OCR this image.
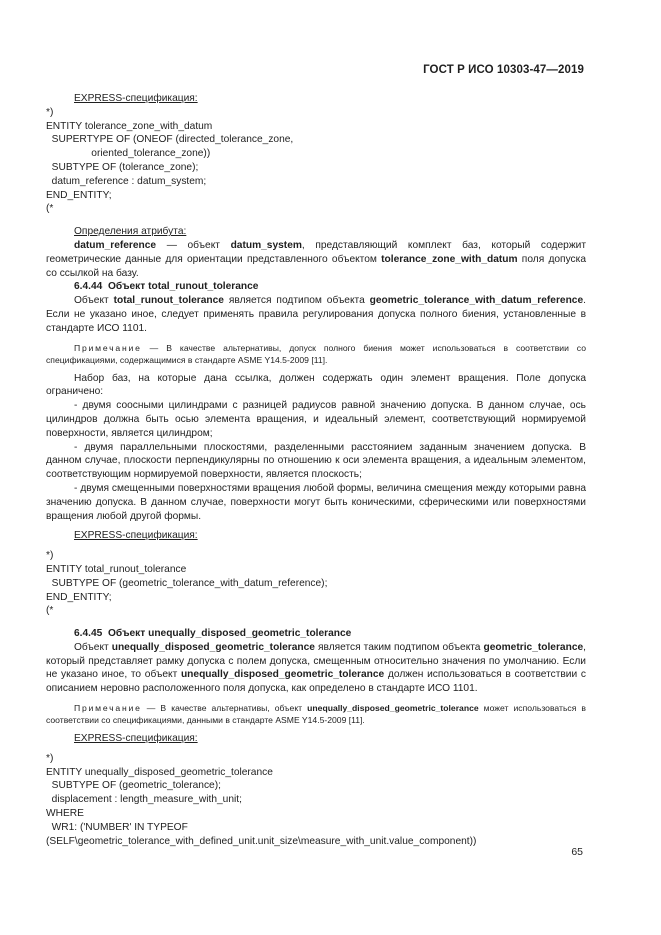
ГОСТ Р ИСО 10303-47—2019
EXPRESS-спецификация:
*)
ENTITY tolerance_zone_with_datum
SUPERTYPE OF (ONEOF (directed_tolerance_zone,
oriented_tolerance_zone))
SUBTYPE OF (tolerance_zone);
datum_reference : datum_system;
END_ENTITY;
(*
Определения атрибута:
datum_reference — объект datum_system, представляющий комплект баз, который содержит геометрические данные для ориентации представленного объектом tolerance_zone_with_datum поля допуска со ссылкой на базу.
6.4.44 Объект total_runout_tolerance
Объект total_runout_tolerance является подтипом объекта geometric_tolerance_with_datum_reference. Если не указано иное, следует применять правила регулирования допуска полного биения, установленные в стандарте ИСО 1101.
Примечание — В качестве альтернативы, допуск полного биения может использоваться в соответствии со спецификациями, содержащимися в стандарте ASME Y14.5-2009 [11].
Набор баз, на которые дана ссылка, должен содержать один элемент вращения. Поле допуска ограничено:
- двумя соосными цилиндрами с разницей радиусов равной значению допуска. В данном случае, ось цилиндров должна быть осью элемента вращения, и идеальный элемент, соответствующий нормируемой поверхности, является цилиндром;
- двумя параллельными плоскостями, разделенными расстоянием заданным значением допуска. В данном случае, плоскости перпендикулярны по отношению к оси элемента вращения, а идеальным элементом, соответствующим нормируемой поверхности, является плоскость;
- двумя смещенными поверхностями вращения любой формы, величина смещения между которыми равна значению допуска. В данном случае, поверхности могут быть коническими, сферическими или поверхностями вращения любой другой формы.
EXPRESS-спецификация:
*)
ENTITY total_runout_tolerance
SUBTYPE OF (geometric_tolerance_with_datum_reference);
END_ENTITY;
(*
6.4.45 Объект unequally_disposed_geometric_tolerance
Объект unequally_disposed_geometric_tolerance является таким подтипом объекта geometric_tolerance, который представляет рамку допуска с полем допуска, смещенным относительно значения по умолчанию. Если не указано иное, то объект unequally_disposed_geometric_tolerance должен использоваться в соответствии с описанием неровно расположенного поля допуска, как определено в стандарте ИСО 1101.
Примечание — В качестве альтернативы, объект unequally_disposed_geometric_tolerance может использоваться в соответствии со спецификациями, данными в стандарте ASME Y14.5-2009 [11].
EXPRESS-спецификация:
*)
ENTITY unequally_disposed_geometric_tolerance
SUBTYPE OF (geometric_tolerance);
displacement : length_measure_with_unit;
WHERE
WR1: ('NUMBER' IN TYPEOF
(SELF\geometric_tolerance_with_defined_unit.unit_size\measure_with_unit.value_component))
65
